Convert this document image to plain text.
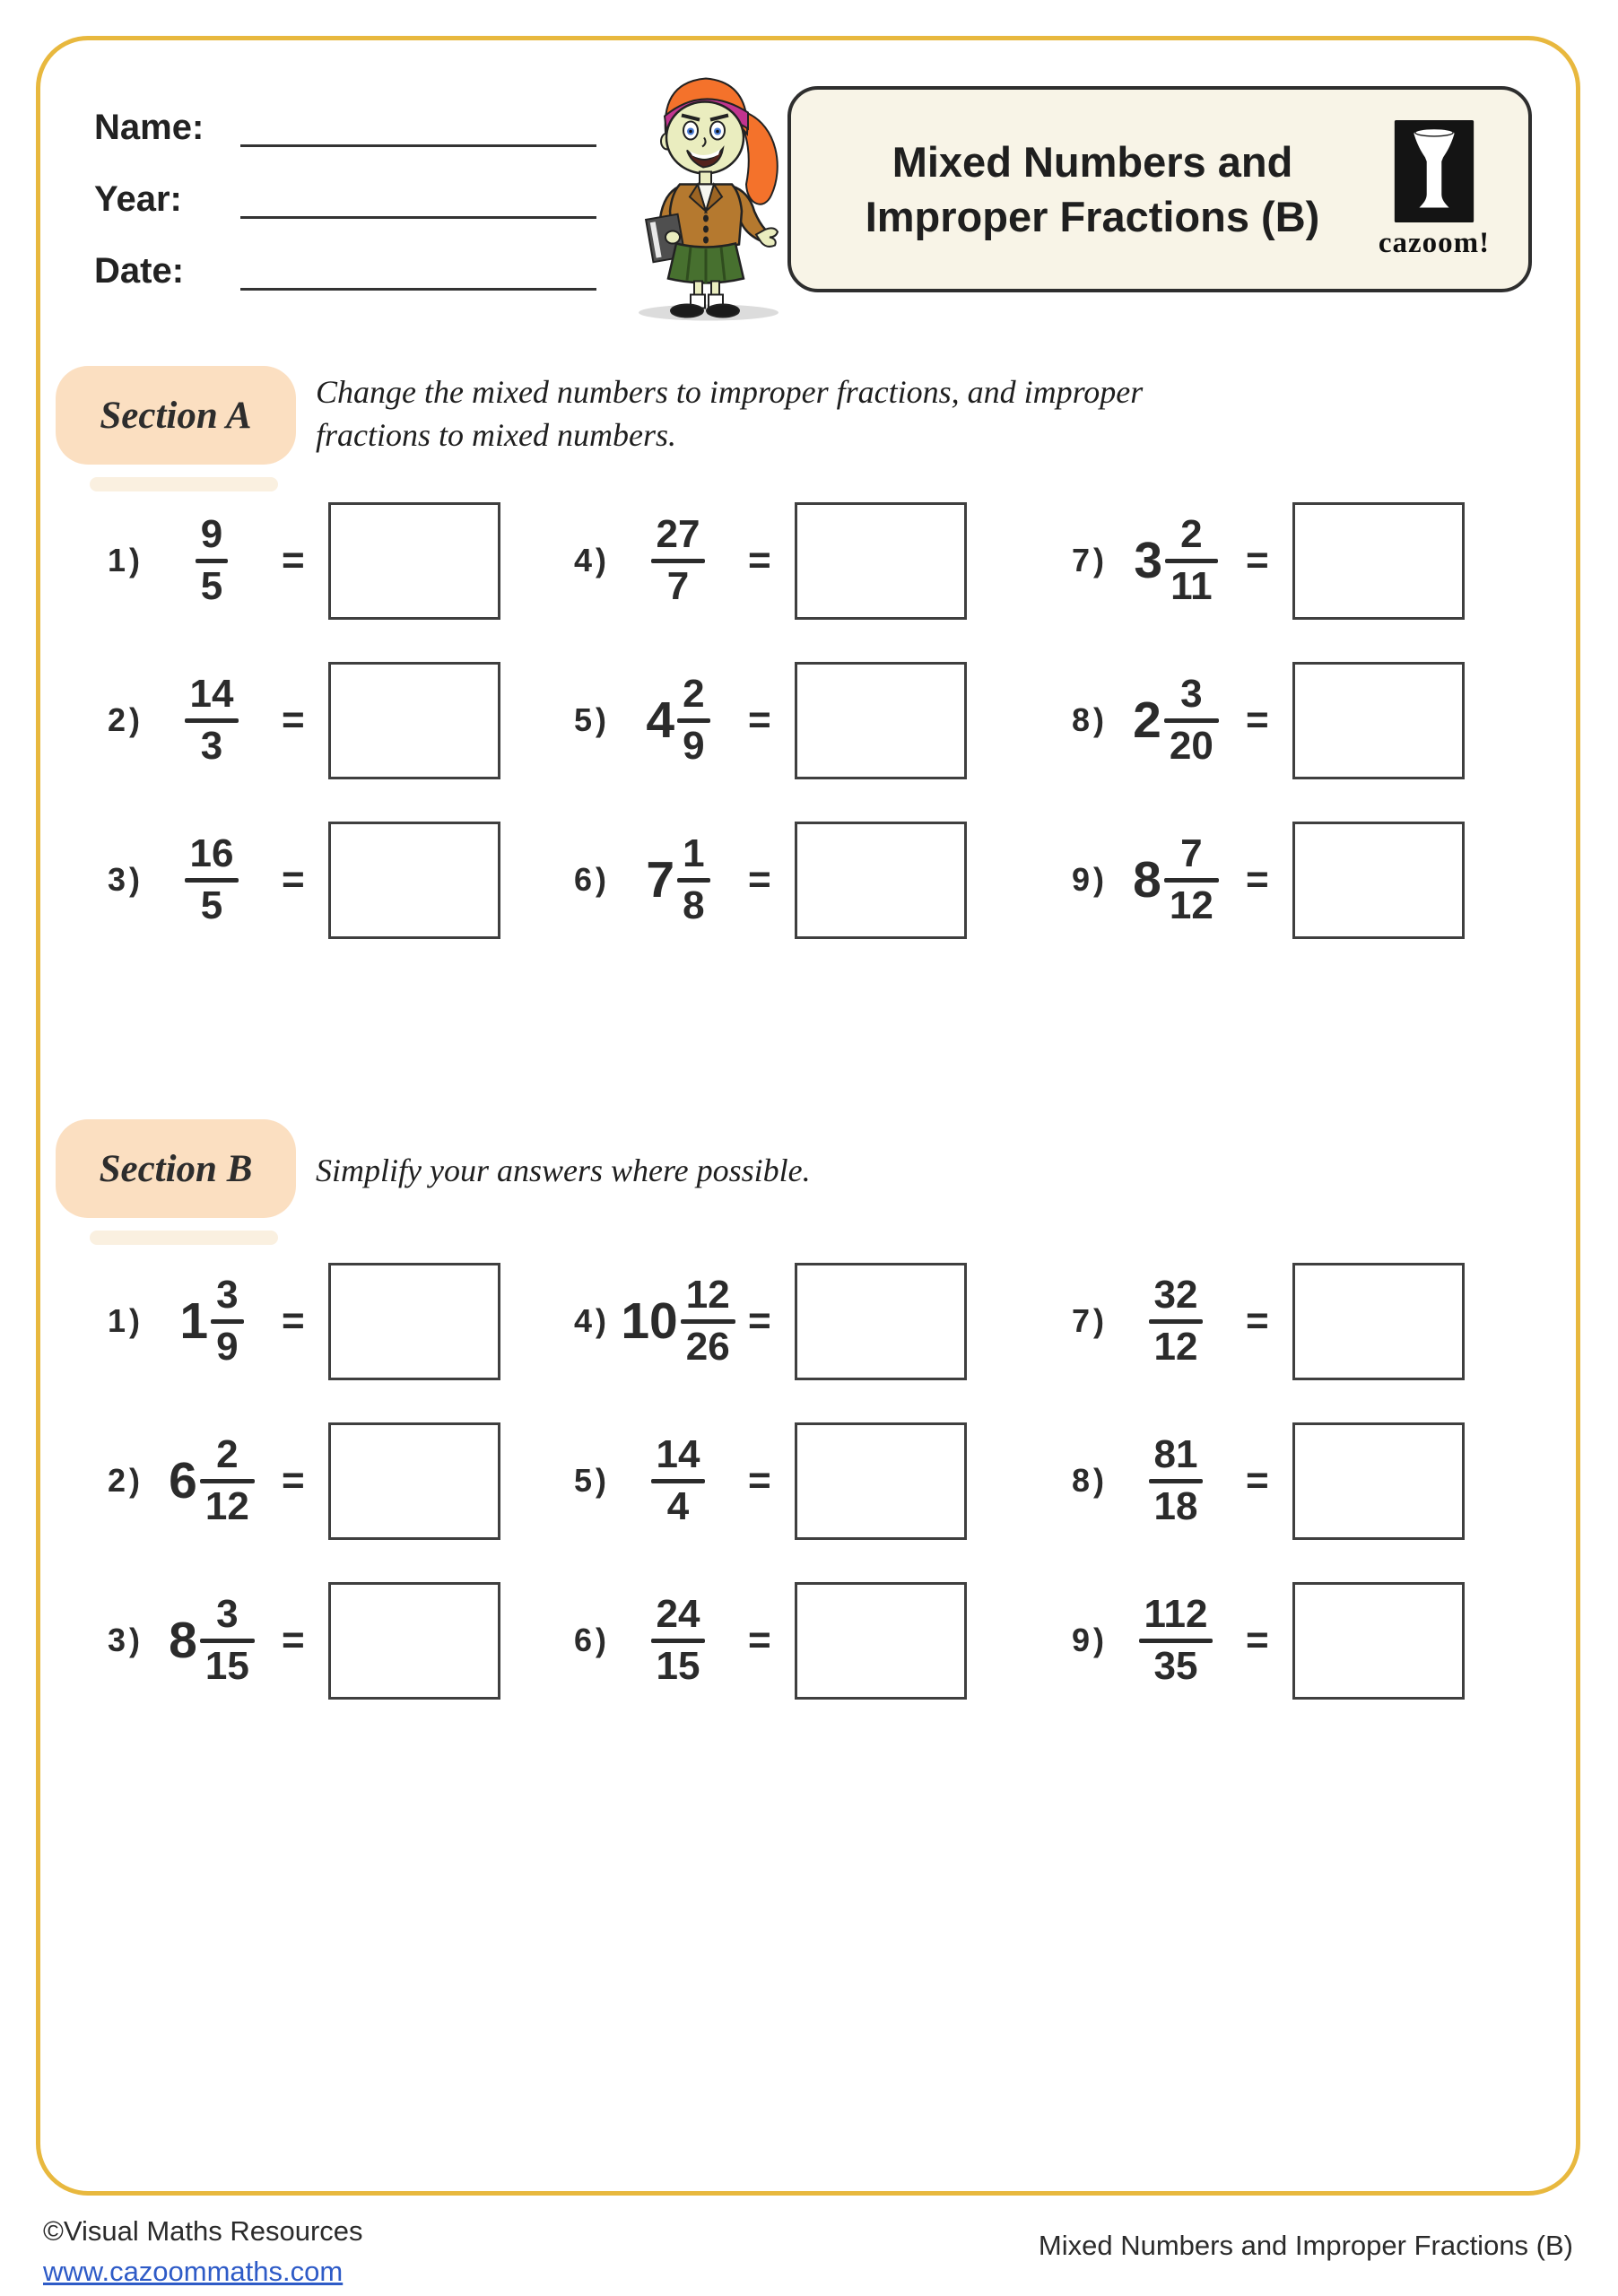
Name:
Year:
Date:
Mixed Numbers and
Improper Fractions (B)
cazoom!
Section A
Change the mixed numbers to improper fractions, and improper fractions to mixed numbers.
1)
9
5
=
2)
14
3
=
3)
16
5
=
4)
27
7
=
5) 4 2
9
=
6) 7 1
8
=
7) 3 2
11
=
8) 2 3
20
=
9) 8 7
12
=
Section B	Simplify your answers where possible.
1) 1 3
9
=
2) 6 2
12
=
3) 8 3
15
=
4) 10 12
26
=
5)
14
4
=
6)
24
15
=
7)
32
12
=
8)
81
18
=
9)
112
35
=
©Visual Maths Resources
www.cazoommaths.com
Mixed Numbers and Improper Fractions (B)
